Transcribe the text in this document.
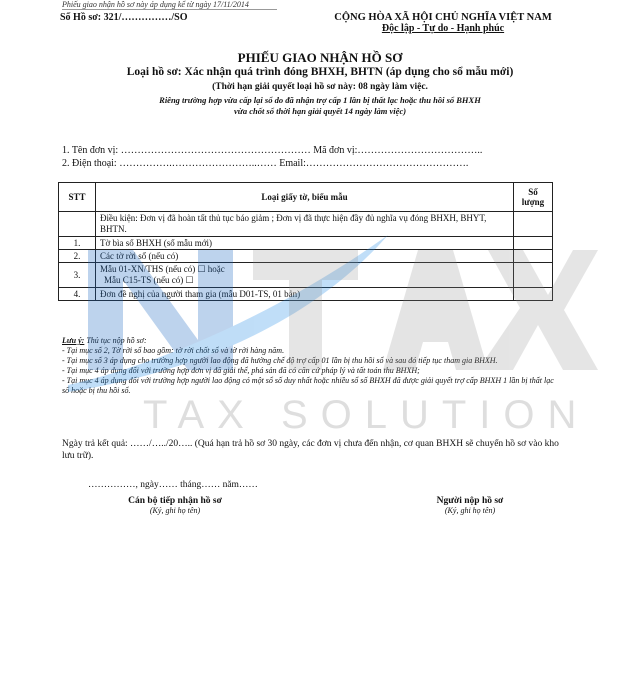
Phiếu giao nhận hồ sơ này áp dụng kể từ ngày 17/11/2014
Số Hồ sơ: 321/……………/SO	CỘNG HÒA XÃ HỘI CHỦ NGHĨA VIỆT NAM
Độc lập - Tự do - Hạnh phúc
PHIẾU GIAO NHẬN HỒ SƠ
Loại hồ sơ: Xác nhận quá trình đóng BHXH, BHTN (áp dụng cho sổ mẫu mới)
(Thời hạn giải quyết loại hồ sơ này: 08 ngày làm việc.
Riêng trường hợp vừa cấp lại sổ do đã nhận trợ cấp 1 lần bị thất lạc hoặc thu hồi sổ BHXH
vừa chốt sổ thời hạn giải quyết 14 ngày làm việc)
1. Tên đơn vị: ………………………………………………… Mã đơn vị:………………………………..
2. Điện thoại: …………….……………………..…… Email:………………………………………….
STT	Loại giấy tờ, biểu mẫu	Số lượng
	Điều kiện: Đơn vị đã hoàn tất thủ tục báo giảm ; Đơn vị đã thực hiện đầy đủ nghĩa vụ đóng BHXH, BHYT, BHTN.	
1.	Tờ bìa sổ BHXH (sổ mẫu mới)	
2.	Các tờ rời sổ (nếu có)	
3.	Mẫu 01-XN/THS (nếu có) ☐ hoặc
Mẫu C15-TS (nếu có) ☐	

4.	Đơn đề nghị của người tham gia (mẫu D01-TS, 01 bản)	
Lưu ý: Thủ tục nộp hồ sơ:
- Tại mục số 2, Tờ rời sổ bao gồm: tờ rời chốt sổ và tờ rời hàng năm.
- Tại mục số 3 áp dụng cho trường hợp người lao động đã hưởng chế độ trợ cấp 01 lần bị thu hồi sổ và sau đó tiếp tục tham gia BHXH.
- Tại mục 4 áp dụng đối với trường hợp đơn vị đã giải thể, phá sản đã có căn cứ pháp lý và tất toán thu BHXH;
- Tại mục 4 áp dụng đối với trường hợp người lao động có một sổ số duy nhất hoặc nhiều sổ số BHXH đã được giải quyết trợ cấp BHXH 1 lần bị thất lạc sổ hoặc bị thu hồi sổ.
Ngày trả kết quả: ……/…../20….. (Quá hạn trả hồ sơ 30 ngày, các đơn vị chưa đến nhận, cơ quan BHXH sẽ chuyển hồ sơ vào kho lưu trữ).
……………, ngày…… tháng…… năm……
Cán bộ tiếp nhận hồ sơ
(Ký, ghi họ tên)
Người nộp hồ sơ
(Ký, ghi họ tên)
TAX SOLUTION
